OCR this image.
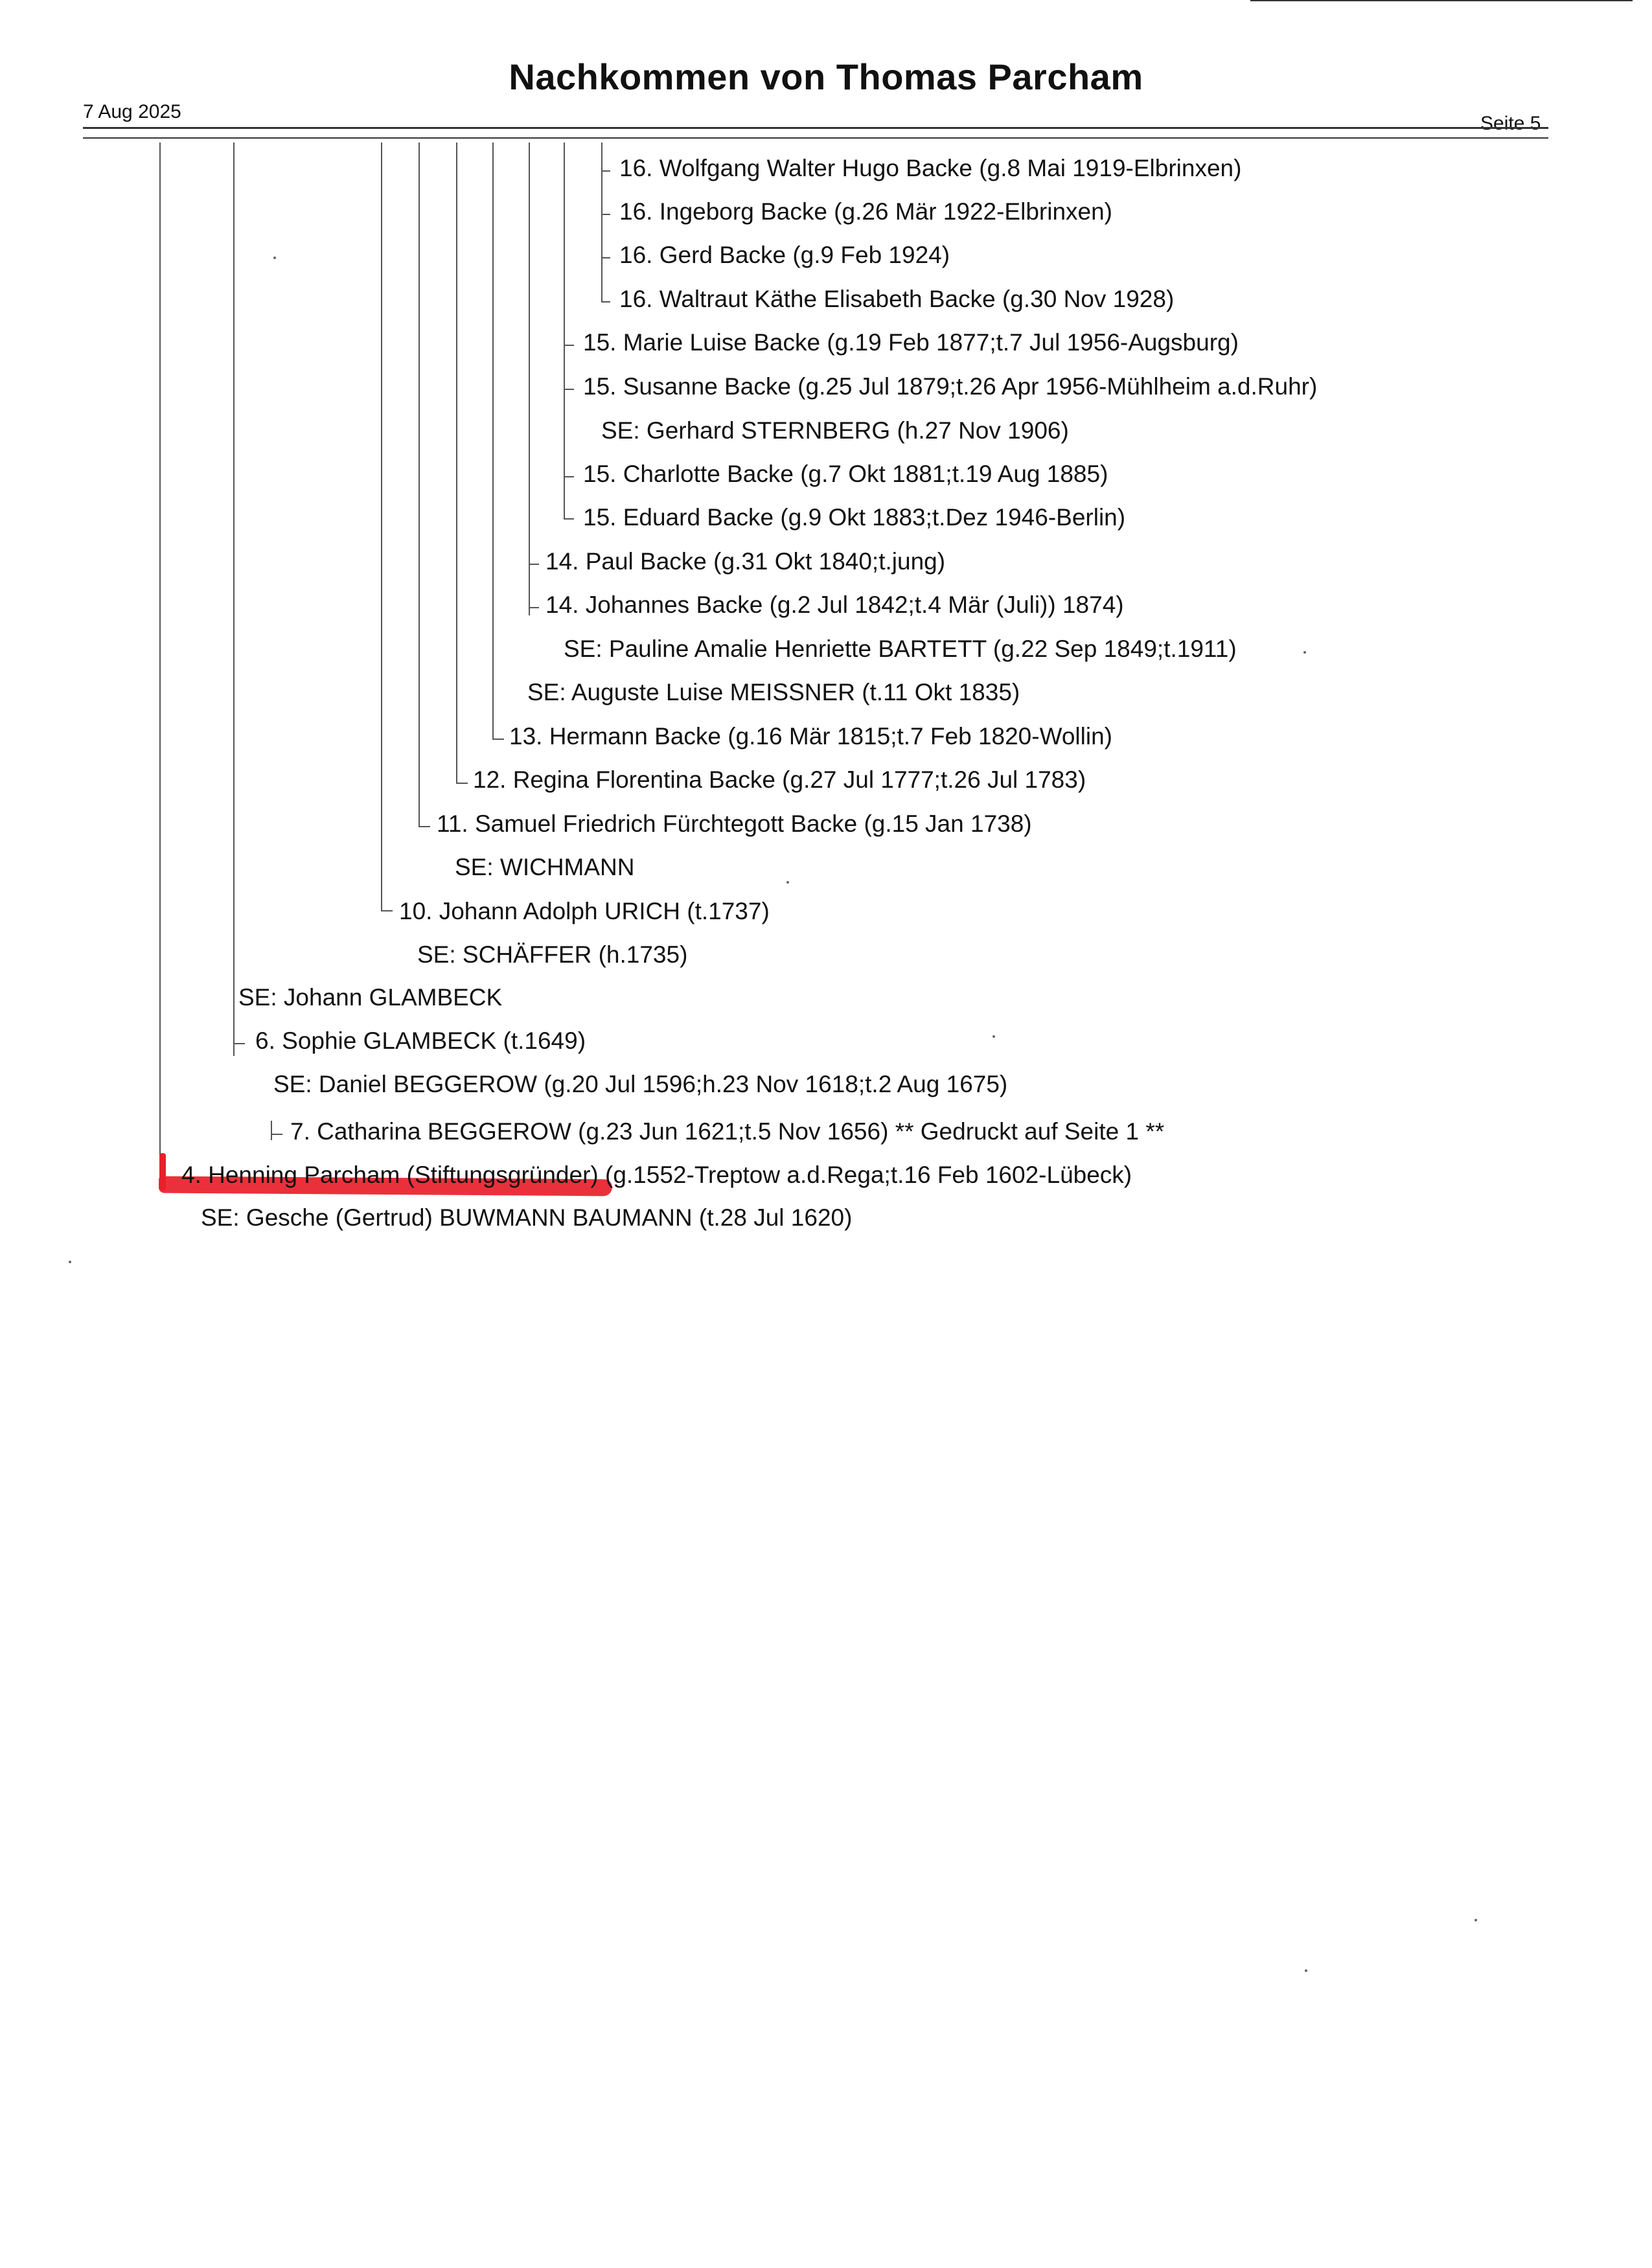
Nachkommen von Thomas Parcham
7 Aug 2025
Seite 5
16. Wolfgang Walter Hugo Backe (g.8 Mai 1919-Elbrinxen)
16. Ingeborg Backe (g.26 Mär 1922-Elbrinxen)
16. Gerd Backe (g.9 Feb 1924)
16. Waltraut Käthe Elisabeth Backe (g.30 Nov 1928)
15. Marie Luise Backe (g.19 Feb 1877;t.7 Jul 1956-Augsburg)
15. Susanne Backe (g.25 Jul 1879;t.26 Apr 1956-Mühlheim a.d.Ruhr)
SE: Gerhard STERNBERG (h.27 Nov 1906)
15. Charlotte Backe (g.7 Okt 1881;t.19 Aug 1885)
15. Eduard Backe (g.9 Okt 1883;t.Dez 1946-Berlin)
14. Paul Backe (g.31 Okt 1840;t.jung)
14. Johannes Backe (g.2 Jul 1842;t.4 Mär (Juli)) 1874)
SE: Pauline Amalie Henriette BARTETT (g.22 Sep 1849;t.1911)
SE: Auguste Luise MEISSNER (t.11 Okt 1835)
13. Hermann Backe (g.16 Mär 1815;t.7 Feb 1820-Wollin)
12. Regina Florentina Backe (g.27 Jul 1777;t.26 Jul 1783)
11. Samuel Friedrich Fürchtegott Backe (g.15 Jan 1738)
SE: WICHMANN
10. Johann Adolph URICH (t.1737)
SE: SCHÄFFER (h.1735)
SE: Johann GLAMBECK
6. Sophie GLAMBECK (t.1649)
SE: Daniel BEGGEROW (g.20 Jul 1596;h.23 Nov 1618;t.2 Aug 1675)
7. Catharina BEGGEROW (g.23 Jun 1621;t.5 Nov 1656) ** Gedruckt auf Seite 1 **
4. Henning Parcham (Stiftungsgründer) (g.1552-Treptow a.d.Rega;t.16 Feb 1602-Lübeck)
SE: Gesche (Gertrud) BUWMANN BAUMANN (t.28 Jul 1620)
